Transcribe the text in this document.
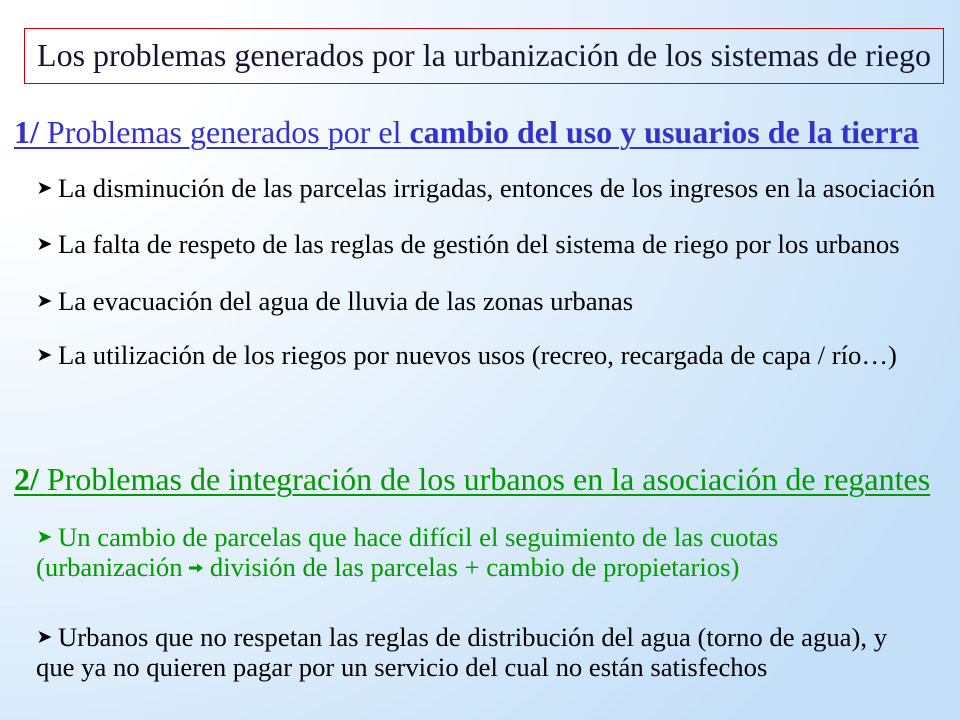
Los problemas generados por la urbanización de los sistemas de riego
1/ Problemas generados por el cambio del uso y usuarios de la tierra
La disminución de las parcelas irrigadas, entonces de los ingresos en la asociación
La falta de respeto de las reglas de gestión del sistema de riego por los urbanos
La evacuación del agua de lluvia de las zonas urbanas
La utilización de los riegos por nuevos usos (recreo, recargada de capa / río…)
2/ Problemas de integración de los urbanos en la asociación de regantes
Un cambio de parcelas que hace difícil el seguimiento de las cuotas
(urbanización división de las parcelas + cambio de propietarios)
Urbanos que no respetan las reglas de distribución del agua (torno de agua), y
que ya no quieren pagar por un servicio del cual no están satisfechos
